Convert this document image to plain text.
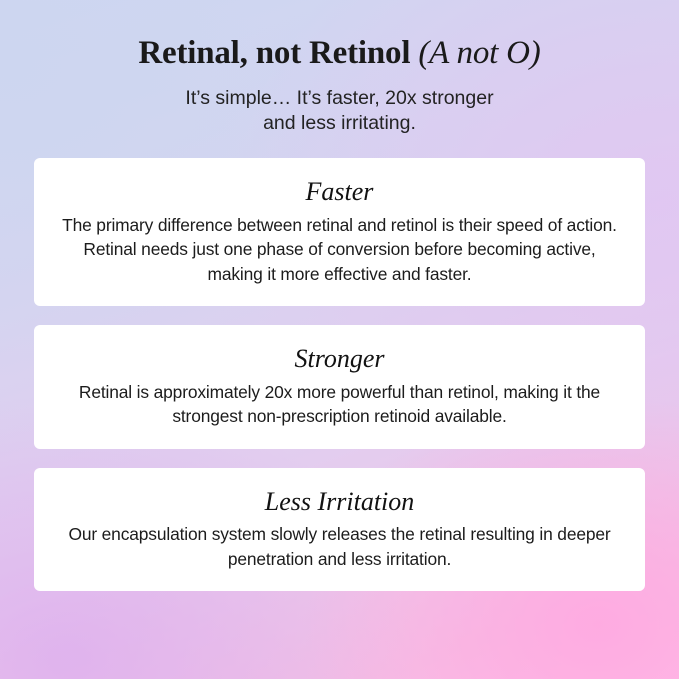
Retinal, not Retinol (A not O)

It’s simple… It’s faster, 20x stronger
and less irritating.

Faster

The primary difference between retinal and retinol is their speed of action. Retinal needs just one phase of conversion before becoming active, making it more effective and faster.

Stronger

Retinal is approximately 20x more powerful than retinol, making it the strongest non-prescription retinoid available.

Less Irritation

Our encapsulation system slowly releases the retinal resulting in deeper penetration and less irritation.
